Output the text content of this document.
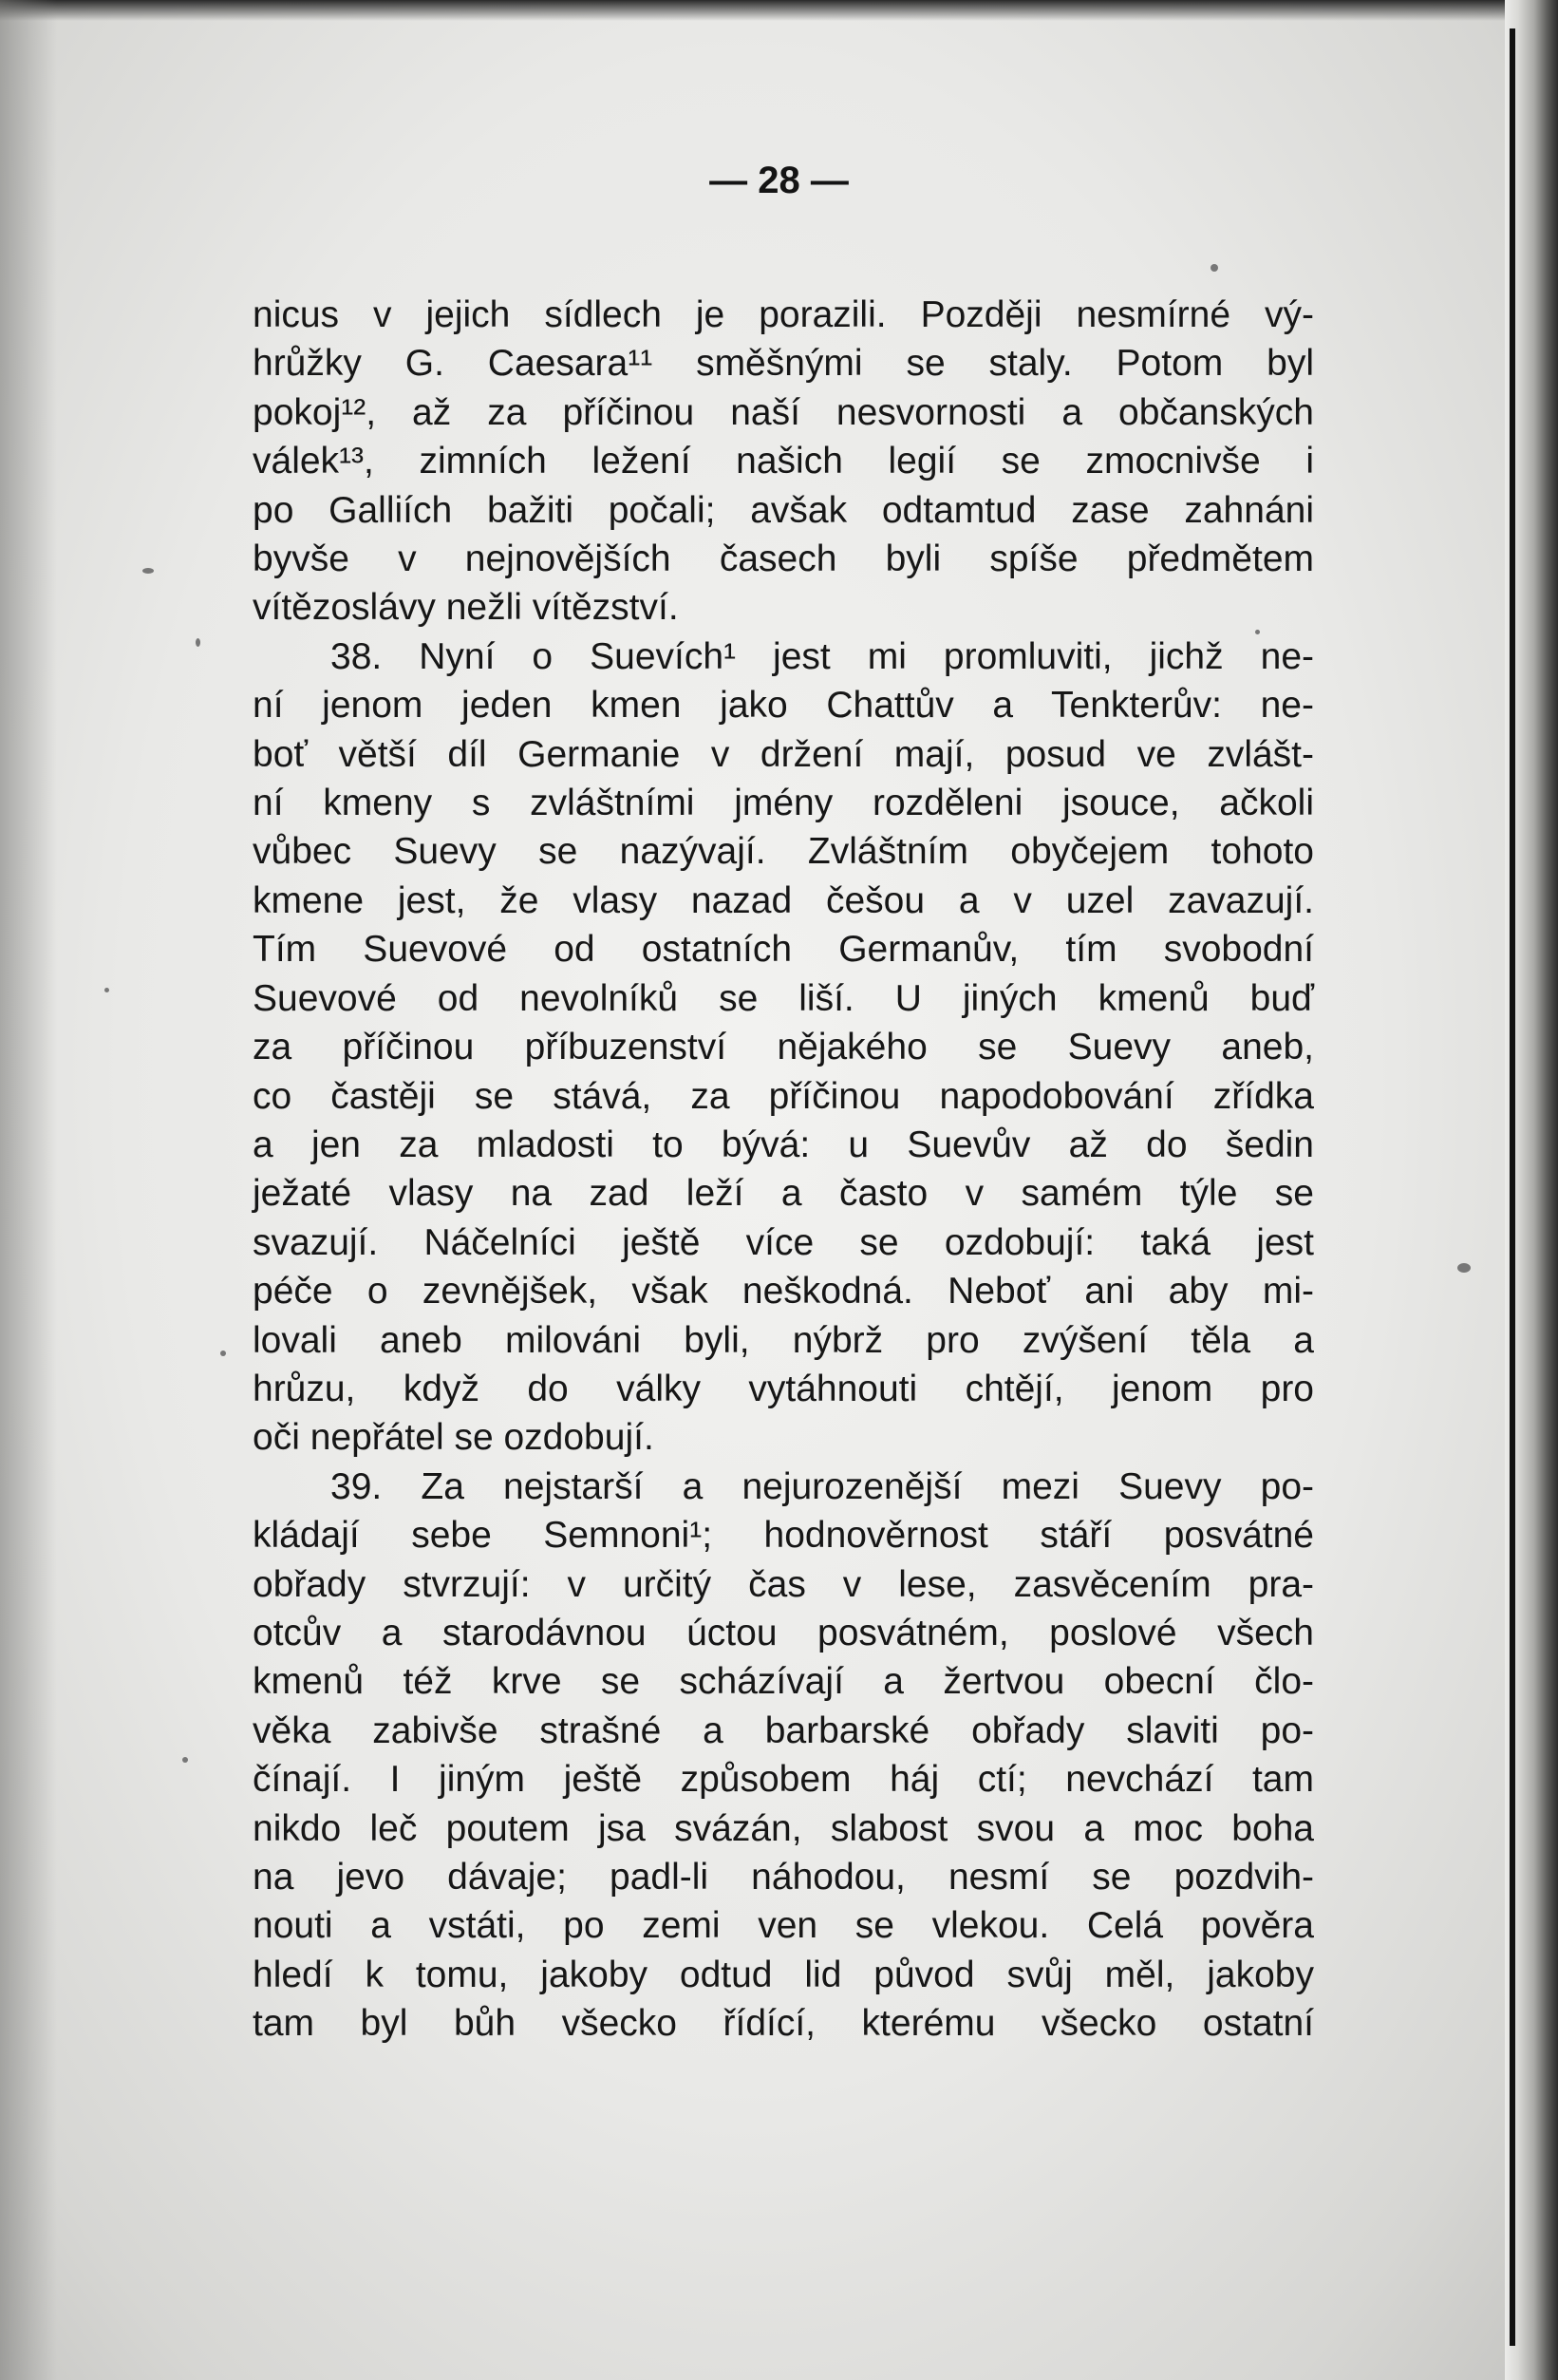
— 28 —
nicus v jejich sídlech je porazili. Později nesmírné vý-
hrůžky G. Caesara¹¹ směšnými se staly. Potom byl
pokoj¹², až za příčinou naší nesvornosti a občanských
válek¹³, zimních ležení našich legií se zmocnivše i
po Galliích bažiti počali; avšak odtamtud zase zahnáni
byvše v nejnovějších časech byli spíše předmětem
vítězoslávy nežli vítězství.
38. Nyní o Suevích¹ jest mi promluviti, jichž ne-
ní jenom jeden kmen jako Chattův a Tenkterův: ne-
boť větší díl Germanie v držení mají, posud ve zvlášt-
ní kmeny s zvláštními jmény rozděleni jsouce, ačkoli
vůbec Suevy se nazývají. Zvláštním obyčejem tohoto
kmene jest, že vlasy nazad češou a v uzel zavazují.
Tím Suevové od ostatních Germanův, tím svobodní
Suevové od nevolníků se liší. U jiných kmenů buď
za příčinou příbuzenství nějakého se Suevy aneb,
co častěji se stává, za příčinou napodobování zřídka
a jen za mladosti to bývá: u Suevův až do šedin
ježaté vlasy na zad leží a často v samém týle se
svazují. Náčelníci ještě více se ozdobují: taká jest
péče o zevnějšek, však neškodná. Neboť ani aby mi-
lovali aneb milováni byli, nýbrž pro zvýšení těla a
hrůzu, když do války vytáhnouti chtějí, jenom pro
oči nepřátel se ozdobují.
39. Za nejstarší a nejurozenější mezi Suevy po-
kládají sebe Semnoni¹; hodnověrnost stáří posvátné
obřady stvrzují: v určitý čas v lese, zasvěcením pra-
otcův a starodávnou úctou posvátném, poslové všech
kmenů též krve se scházívají a žertvou obecní člo-
věka zabivše strašné a barbarské obřady slaviti po-
čínají. I jiným ještě způsobem háj ctí; nevchází tam
nikdo leč poutem jsa svázán, slabost svou a moc boha
na jevo dávaje; padl-li náhodou, nesmí se pozdvih-
nouti a vstáti, po zemi ven se vlekou. Celá pověra
hledí k tomu, jakoby odtud lid původ svůj měl, jakoby
tam byl bůh všecko řídící, kterému všecko ostatní
